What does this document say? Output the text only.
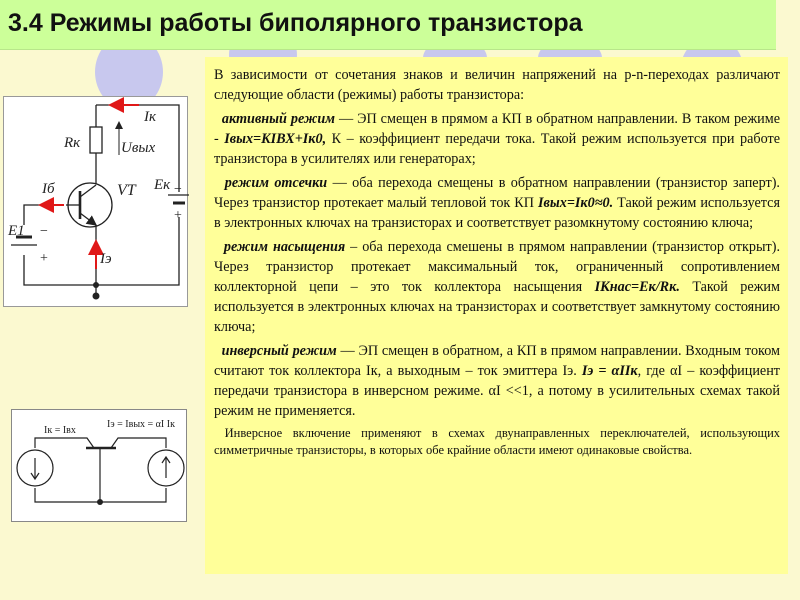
3.4 Режимы работы биполярного транзистора
Iк
Rк	Uвых
Iб	VT Eк −
+
E1 −
+	Iэ
Iк = Iвх
Iэ = Iвых = αI Iк

В зависимости от сочетания знаков и величин напряжений на p-n-переходах различают следующие области (режимы) работы транзистора:

активный режим — ЭП смещен в прямом а КП в обратном направлении. В таком режиме - Iвых=KIВХ+Iк0, К – коэффициент передачи тока. Такой режим используется при работе транзистора в усилителях или генераторах;

режим отсечки — оба перехода смещены в обратном направлении (транзистор заперт). Через транзистор протекает малый тепловой ток КП Iвых=Iк0≈0. Такой режим используется в электронных ключах на транзисторах и соответствует разомкнутому состоянию ключа;

режим насыщения – оба перехода смешены в прямом направлении (транзистор открыт). Через транзистор протекает максимальный ток, ограниченный сопротивлением коллекторной цепи – это ток коллектора насыщения IКнас=Eк/Rк. Такой режим используется в электронных ключах на транзисторах и соответствует замкнутому состоянию ключа;

инверсный режим — ЭП смещен в обратном, а КП в прямом направлении. Входным током считают ток коллектора Iк, а выходным – ток эмиттера Iэ. Iэ = αIIк, где αI – коэффициент передачи транзистора в инверсном режиме. αI <<1, а потому в усилительных схемах такой режим не применяется.

Инверсное включение применяют в схемах двунаправленных переключателей, использующих симметричные транзисторы, в которых обе крайние области имеют одинаковые свойства.
